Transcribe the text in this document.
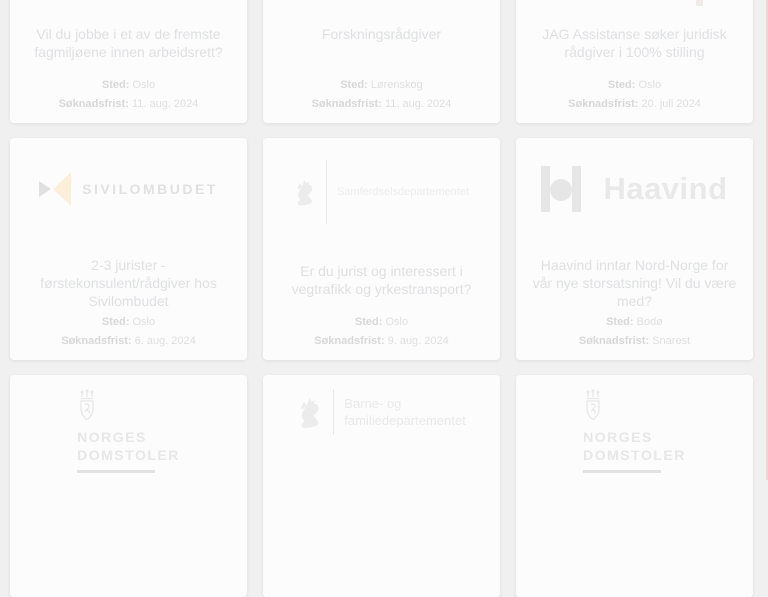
Vil du jobbe i et av de fremste fagmiljøene innen arbeidsrett?
Sted: Oslo
Søknadsfrist: 11. aug. 2024
Forskningsrådgiver
Sted: Lørenskog
Søknadsfrist: 11. aug. 2024
JAG Assistanse søker juridisk rådgiver i 100% stilling
Sted: Oslo
Søknadsfrist: 20. juli 2024
SIVILOMBUDET
2-3 jurister - førstekonsulent/rådgiver hos Sivilombudet
Sted: Oslo
Søknadsfrist: 6. aug. 2024
Samferdselsdepartementet
Er du jurist og interessert i vegtrafikk og yrkestransport?
Sted: Oslo
Søknadsfrist: 9. aug. 2024
Haavind
Haavind inntar Nord-Norge for vår nye storsatsning! Vil du være med?
Sted: Bodø
Søknadsfrist: Snarest
NORGES
DOMSTOLER
Barne- og
familiedepartementet
NORGES
DOMSTOLER
